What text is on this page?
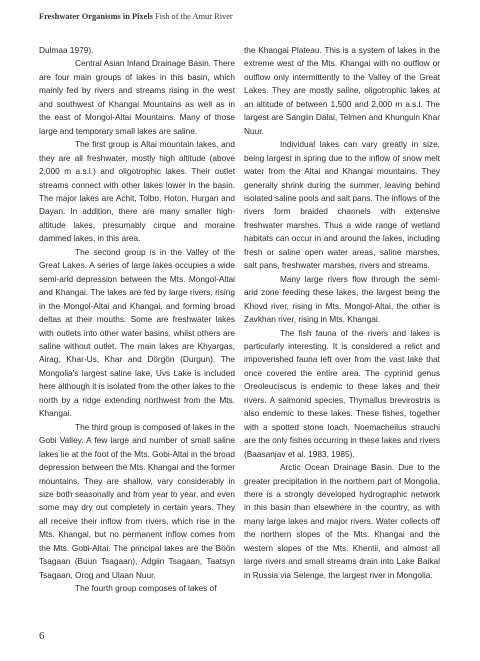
Freshwater Organisms in Pixels Fish of the Amur River

Dulmaa 1979).

Central Asian Inland Drainage Basin. There are four main groups of lakes in this basin, which mainly fed by rivers and streams rising in the west and southwest of Khangai Mountains as well as in the east of Mongol-Altai Mountains. Many of those large and temporary small lakes are saline.

The first group is Altai mountain lakes, and they are all freshwater, mostly high altitude (above 2,000 m a.s.l.) and oligotrophic lakes. Their outlet streams connect with other lakes lower in the basin. The major lakes are Achit, Tolbo, Hoton, Hurgan and Dayan. In addition, there are many smaller high-altitude lakes, presumably cirque and moraine dammed lakes, in this area.

The second group is in the Valley of the Great Lakes. A series of large lakes occupies a wide semi-arid depression between the Mts. Mongol-Altai and Khangai. The lakes are fed by large rivers, rising in the Mongol-Altai and Khangai, and forming broad deltas at their mouths. Some are freshwater lakes with outlets into other water basins, whilst others are saline without outlet. The main lakes are Khyargas, Airag, Khar-Us, Khar and Dörgön (Durgun). The Mongolia's largest saline lake, Uvs Lake is included here although it is isolated from the other lakes to the north by a ridge extending northwest from the Mts. Khangai.

The third group is composed of lakes in the Gobi Valley. A few large and number of small saline lakes lie at the foot of the Mts. Gobi-Altai in the broad depression between the Mts. Khangai and the former mountains. They are shallow, vary considerably in size both seasonally and from year to year, and even some may dry out completely in certain years. They all receive their inflow from rivers, which rise in the Mts. Khangai, but no permanent inflow comes from the Mts. Gobi-Altai. The principal lakes are the Böön Tsagaan (Buun Tsagaan), Adgiin Tsagaan, Taatsyn Tsagaan, Orog and Ulaan Nuur.

The fourth group composes of lakes of

the Khangai Plateau. This is a system of lakes in the extreme west of the Mts. Khangai with no outflow or outflow only intermittently to the Valley of the Great Lakes. They are mostly saline, oligotrophic lakes at an altitude of between 1,500 and 2,000 m a.s.l. The largest are Sangiin Dalai, Telmen and Khunguin Khar Nuur.

Individual lakes can vary greatly in size, being largest in spring due to the inflow of snow melt water from the Altai and Khangai mountains. They generally shrink during the summer, leaving behind isolated saline pools and salt pans. The inflows of the rivers form braided channels with extensive freshwater marshes. Thus a wide range of wetland habitats can occur in and around the lakes, including fresh or saline open water areas, saline marshes, salt pans, freshwater marshes, rivers and streams.

Many large rivers flow through the semi-arid zone feeding these lakes, the largest being the Khovd river, rising in Mts. Mongol-Altai, the other is Zavkhan river, rising in Mts. Khangai.

The fish fauna of the rivers and lakes is particularly interesting. It is considered a relict and impoverished fauna left over from the vast lake that once covered the entire area. The cyprinid genus Oreoleuciscus is endemic to these lakes and their rivers. A salmonid species, Thymallus brevirostris is also endemic to these lakes. These fishes, together with a spotted stone loach, Noemacheilus strauchi are the only fishes occurring in these lakes and rivers (Baasanjav et al. 1983, 1985).

Arctic Ocean Drainage Basin. Due to the greater precipitation in the northern part of Mongolia, there is a strongly developed hydrographic network in this basin than elsewhere in the country, as with many large lakes and major rivers. Water collects off the northern slopes of the Mts. Khangai and the western slopes of the Mts. Khentii, and almost all large rivers and small streams drain into Lake Baikal in Russia via Selenge, the largest river in Mongolia.

6
